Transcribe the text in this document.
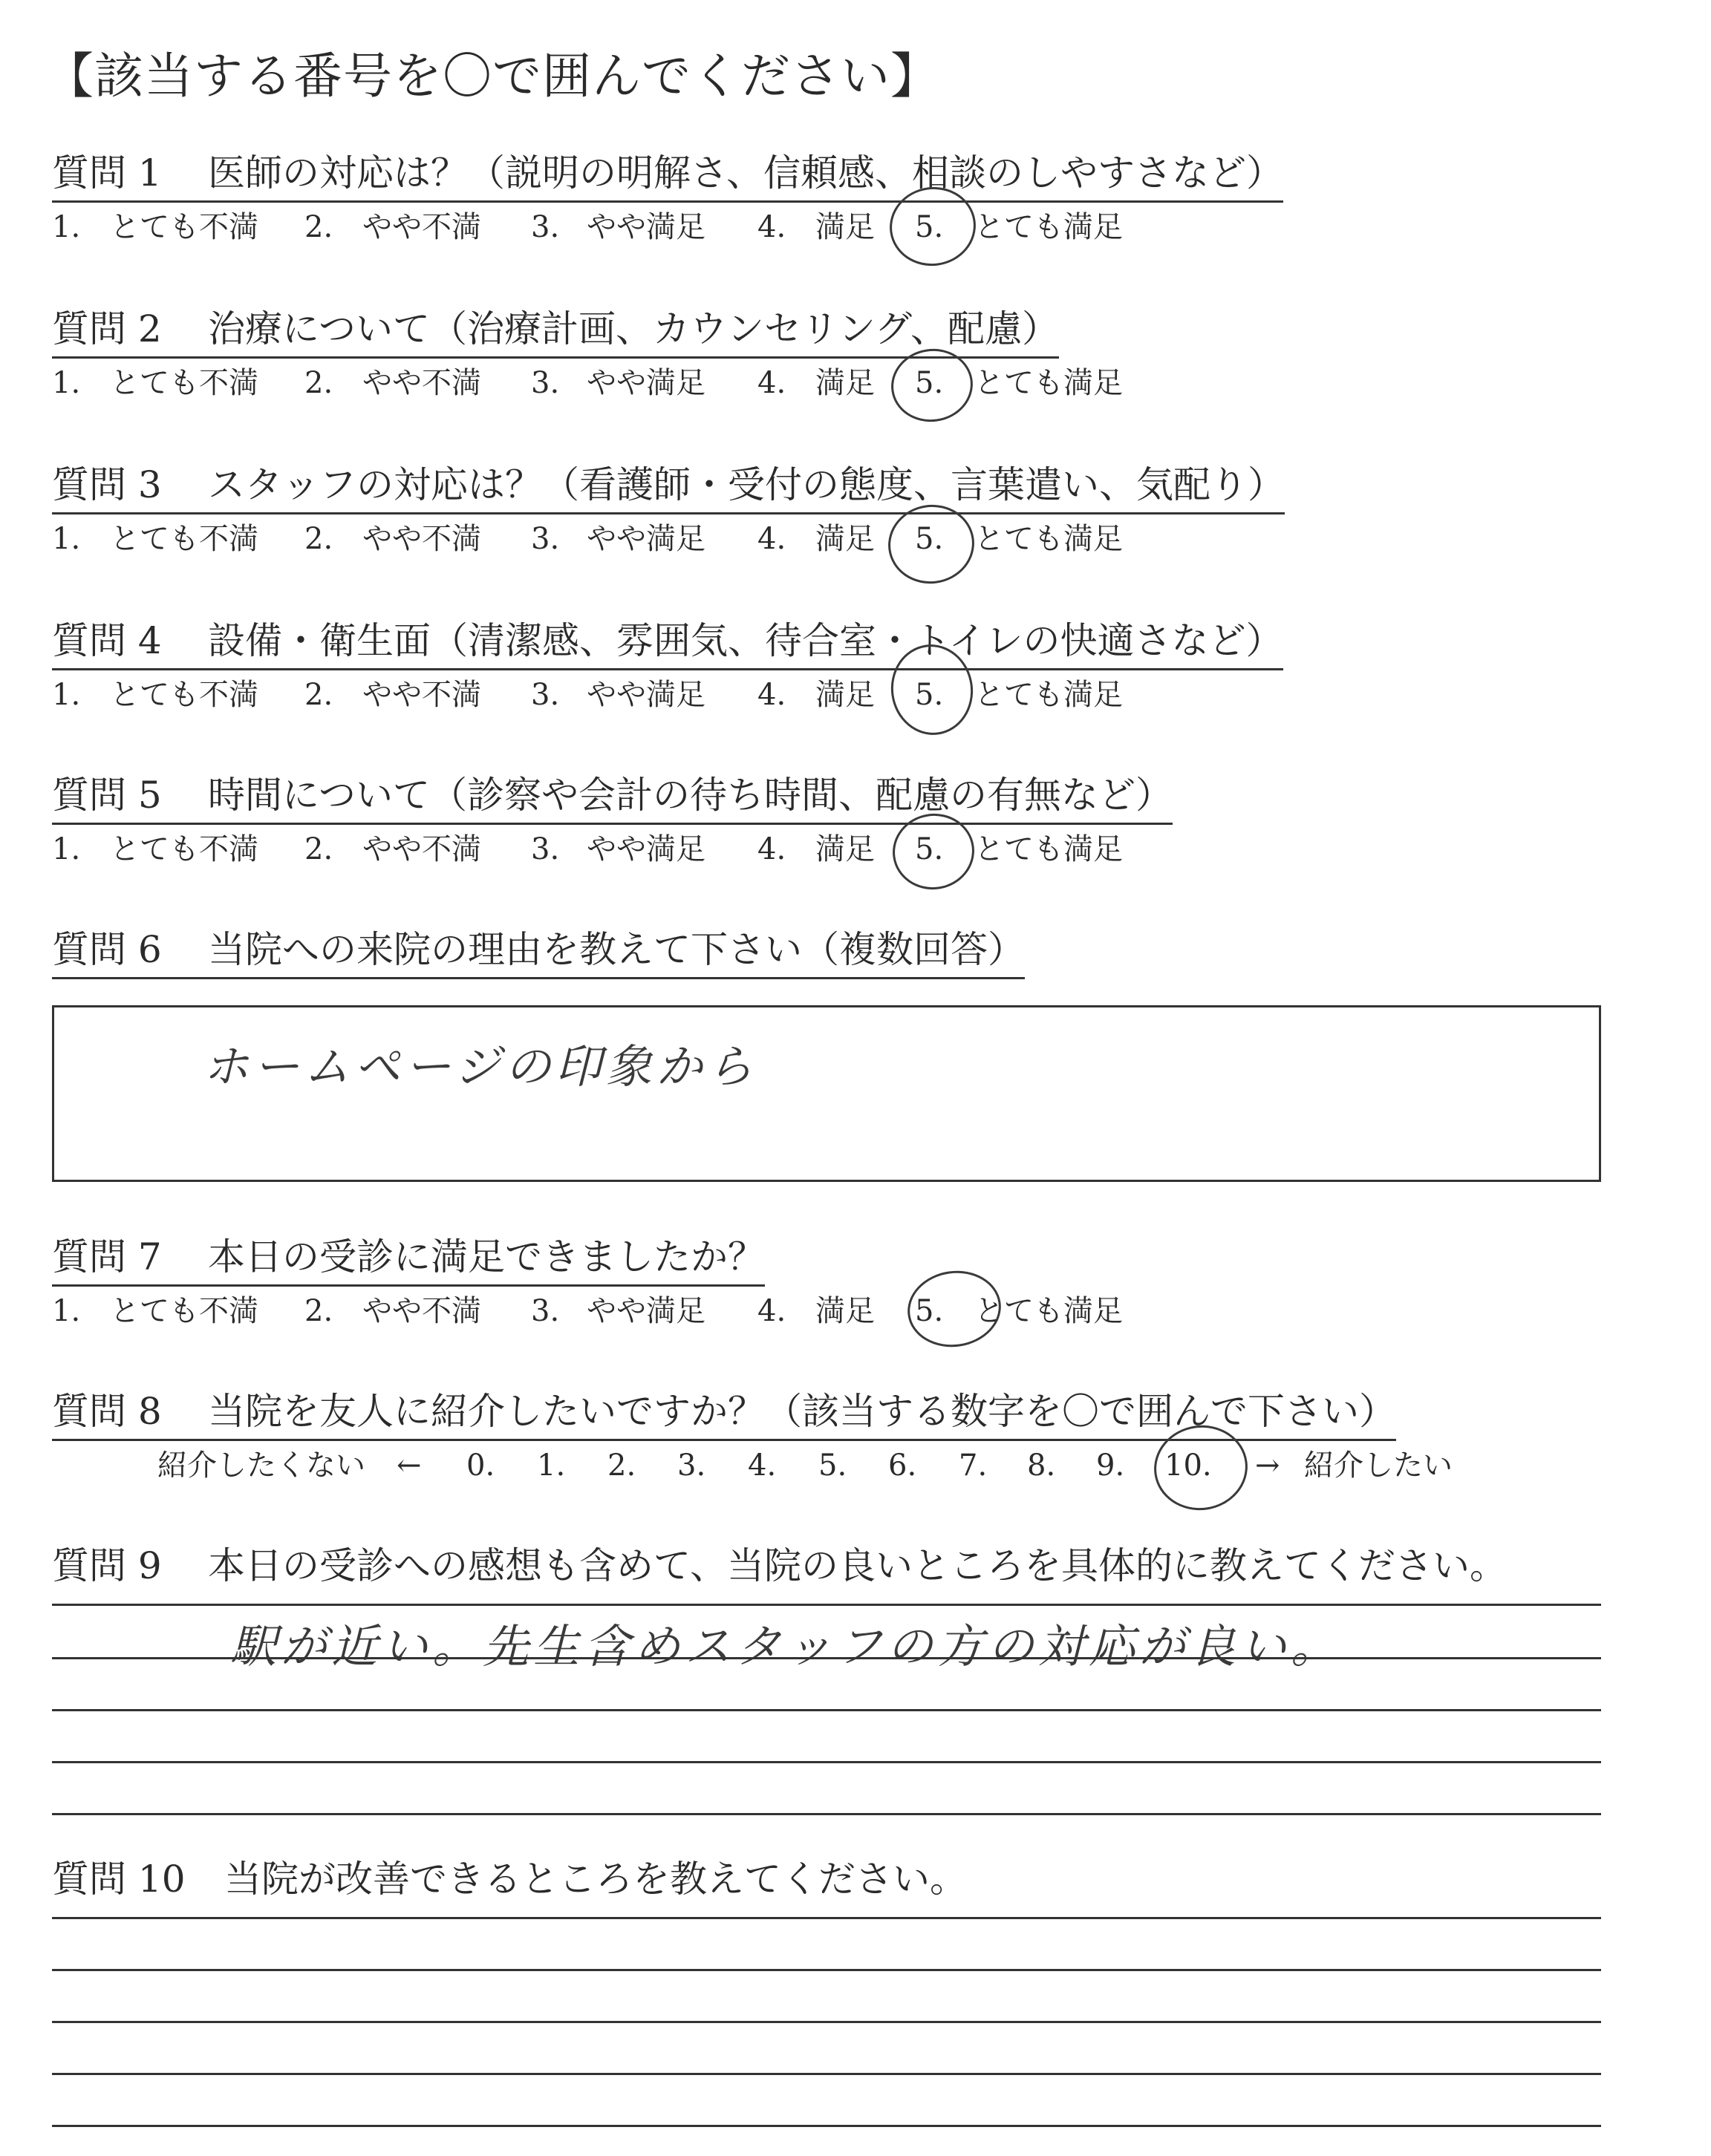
【該当する番号を〇で囲んでください】
質問 1 医師の対応は？（説明の明解さ、信頼感、相談のしやすさなど）
1. とても不満 2. やや不満 3. やや満足 4. 満足 5. とても満足
質問 2 治療について（治療計画、カウンセリング、配慮）
1. とても不満 2. やや不満 3. やや満足 4. 満足 5. とても満足
質問 3 スタッフの対応は？（看護師・受付の態度、言葉遣い、気配り）
1. とても不満 2. やや不満 3. やや満足 4. 満足 5. とても満足
質問 4 設備・衛生面（清潔感、雰囲気、待合室・トイレの快適さなど）
1. とても不満 2. やや不満 3. やや満足 4. 満足 5. とても満足
質問 5 時間について（診察や会計の待ち時間、配慮の有無など）
1. とても不満 2. やや不満 3. やや満足 4. 満足 5. とても満足
質問 6 当院への来院の理由を教えて下さい（複数回答）
ホームページの印象から
質問 7 本日の受診に満足できましたか？
1. とても不満 2. やや不満 3. やや満足 4. 満足 5. とても満足
質問 8 当院を友人に紹介したいですか？（該当する数字を〇で囲んで下さい）
紹介したくない ← 0. 1. 2. 3. 4. 5. 6. 7. 8. 9. 10. → 紹介したい
質問 9 本日の受診への感想も含めて、当院の良いところを具体的に教えてください。
駅が近い。先生含めスタッフの方の対応が良い。
質問 10 当院が改善できるところを教えてください。
